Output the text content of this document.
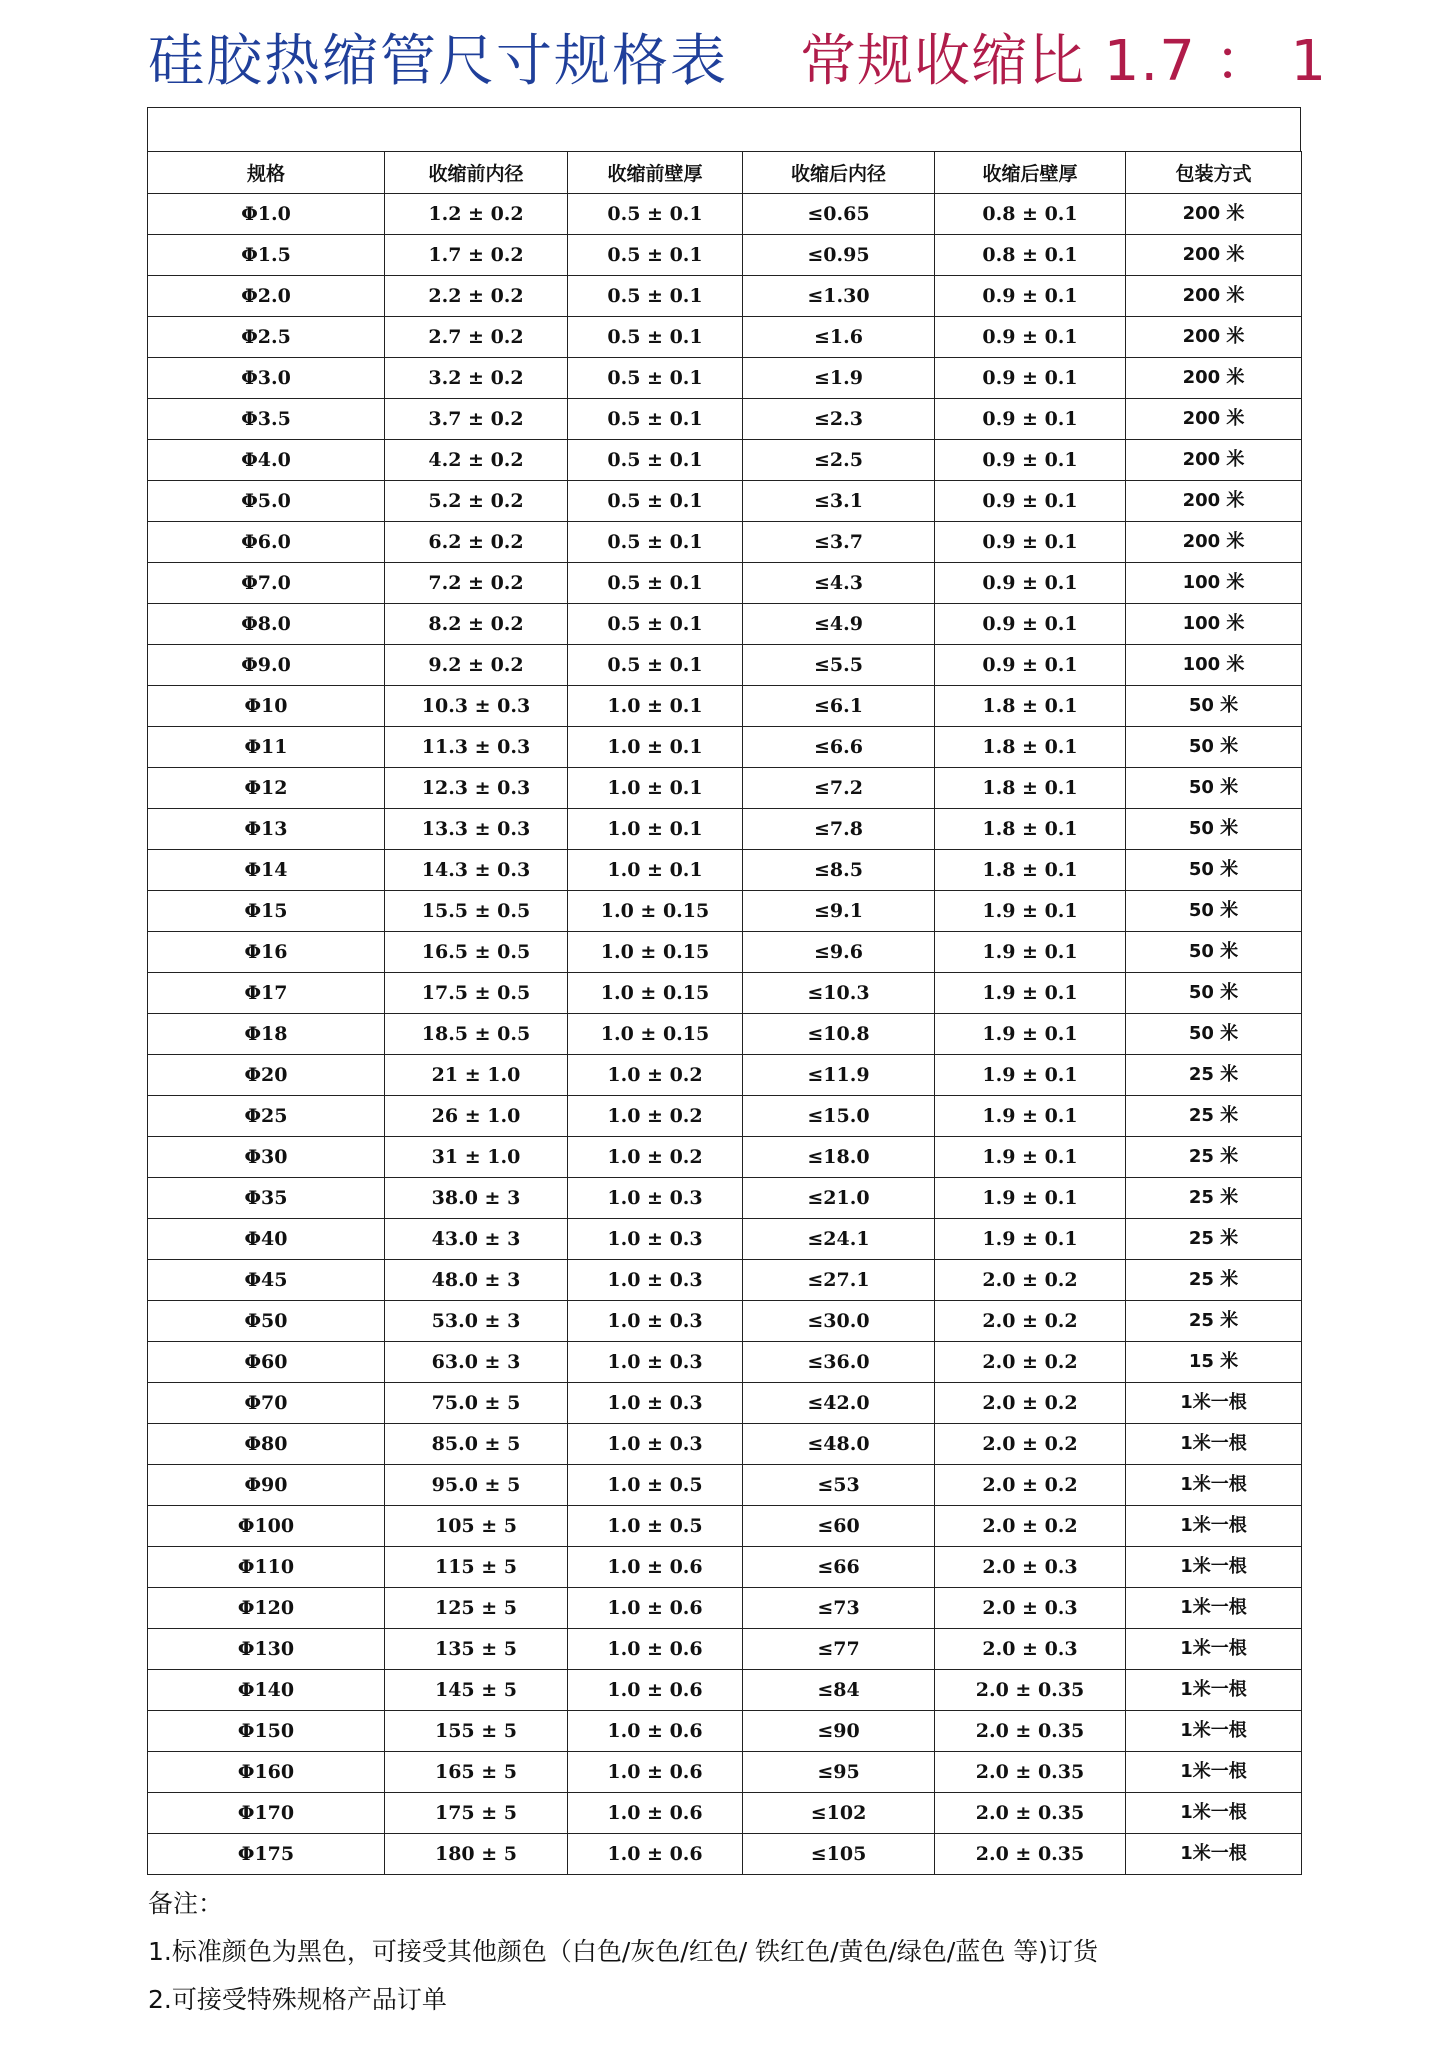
硅胶热缩管尺寸规格表 常规收缩比 1.7 ： 1
规格	收缩前内径	收缩前壁厚	收缩后内径	收缩后壁厚	包装方式
Φ1.0	1.2 ± 0.2	0.5 ± 0.1	≤0.65	0.8 ± 0.1	200 米
Φ1.5	1.7 ± 0.2	0.5 ± 0.1	≤0.95	0.8 ± 0.1	200 米
Φ2.0	2.2 ± 0.2	0.5 ± 0.1	≤1.30	0.9 ± 0.1	200 米
Φ2.5	2.7 ± 0.2	0.5 ± 0.1	≤1.6	0.9 ± 0.1	200 米
Φ3.0	3.2 ± 0.2	0.5 ± 0.1	≤1.9	0.9 ± 0.1	200 米
Φ3.5	3.7 ± 0.2	0.5 ± 0.1	≤2.3	0.9 ± 0.1	200 米
Φ4.0	4.2 ± 0.2	0.5 ± 0.1	≤2.5	0.9 ± 0.1	200 米
Φ5.0	5.2 ± 0.2	0.5 ± 0.1	≤3.1	0.9 ± 0.1	200 米
Φ6.0	6.2 ± 0.2	0.5 ± 0.1	≤3.7	0.9 ± 0.1	200 米
Φ7.0	7.2 ± 0.2	0.5 ± 0.1	≤4.3	0.9 ± 0.1	100 米
Φ8.0	8.2 ± 0.2	0.5 ± 0.1	≤4.9	0.9 ± 0.1	100 米
Φ9.0	9.2 ± 0.2	0.5 ± 0.1	≤5.5	0.9 ± 0.1	100 米
Φ10	10.3 ± 0.3	1.0 ± 0.1	≤6.1	1.8 ± 0.1	50 米
Φ11	11.3 ± 0.3	1.0 ± 0.1	≤6.6	1.8 ± 0.1	50 米
Φ12	12.3 ± 0.3	1.0 ± 0.1	≤7.2	1.8 ± 0.1	50 米
Φ13	13.3 ± 0.3	1.0 ± 0.1	≤7.8	1.8 ± 0.1	50 米
Φ14	14.3 ± 0.3	1.0 ± 0.1	≤8.5	1.8 ± 0.1	50 米
Φ15	15.5 ± 0.5	1.0 ± 0.15	≤9.1	1.9 ± 0.1	50 米
Φ16	16.5 ± 0.5	1.0 ± 0.15	≤9.6	1.9 ± 0.1	50 米
Φ17	17.5 ± 0.5	1.0 ± 0.15	≤10.3	1.9 ± 0.1	50 米
Φ18	18.5 ± 0.5	1.0 ± 0.15	≤10.8	1.9 ± 0.1	50 米
Φ20	21 ± 1.0	1.0 ± 0.2	≤11.9	1.9 ± 0.1	25 米
Φ25	26 ± 1.0	1.0 ± 0.2	≤15.0	1.9 ± 0.1	25 米
Φ30	31 ± 1.0	1.0 ± 0.2	≤18.0	1.9 ± 0.1	25 米
Φ35	38.0 ± 3	1.0 ± 0.3	≤21.0	1.9 ± 0.1	25 米
Φ40	43.0 ± 3	1.0 ± 0.3	≤24.1	1.9 ± 0.1	25 米
Φ45	48.0 ± 3	1.0 ± 0.3	≤27.1	2.0 ± 0.2	25 米
Φ50	53.0 ± 3	1.0 ± 0.3	≤30.0	2.0 ± 0.2	25 米
Φ60	63.0 ± 3	1.0 ± 0.3	≤36.0	2.0 ± 0.2	15 米
Φ70	75.0 ± 5	1.0 ± 0.3	≤42.0	2.0 ± 0.2	1米一根
Φ80	85.0 ± 5	1.0 ± 0.3	≤48.0	2.0 ± 0.2	1米一根
Φ90	95.0 ± 5	1.0 ± 0.5	≤53	2.0 ± 0.2	1米一根
Φ100	105 ± 5	1.0 ± 0.5	≤60	2.0 ± 0.2	1米一根
Φ110	115 ± 5	1.0 ± 0.6	≤66	2.0 ± 0.3	1米一根
Φ120	125 ± 5	1.0 ± 0.6	≤73	2.0 ± 0.3	1米一根
Φ130	135 ± 5	1.0 ± 0.6	≤77	2.0 ± 0.3	1米一根
Φ140	145 ± 5	1.0 ± 0.6	≤84	2.0 ± 0.35	1米一根
Φ150	155 ± 5	1.0 ± 0.6	≤90	2.0 ± 0.35	1米一根
Φ160	165 ± 5	1.0 ± 0.6	≤95	2.0 ± 0.35	1米一根
Φ170	175 ± 5	1.0 ± 0.6	≤102	2.0 ± 0.35	1米一根
Φ175	180 ± 5	1.0 ± 0.6	≤105	2.0 ± 0.35	1米一根
备注：
1.标准颜色为黑色，可接受其他颜色（白色/灰色/红色/ 铁红色/黄色/绿色/蓝色 等)订货
2.可接受特殊规格产品订单
